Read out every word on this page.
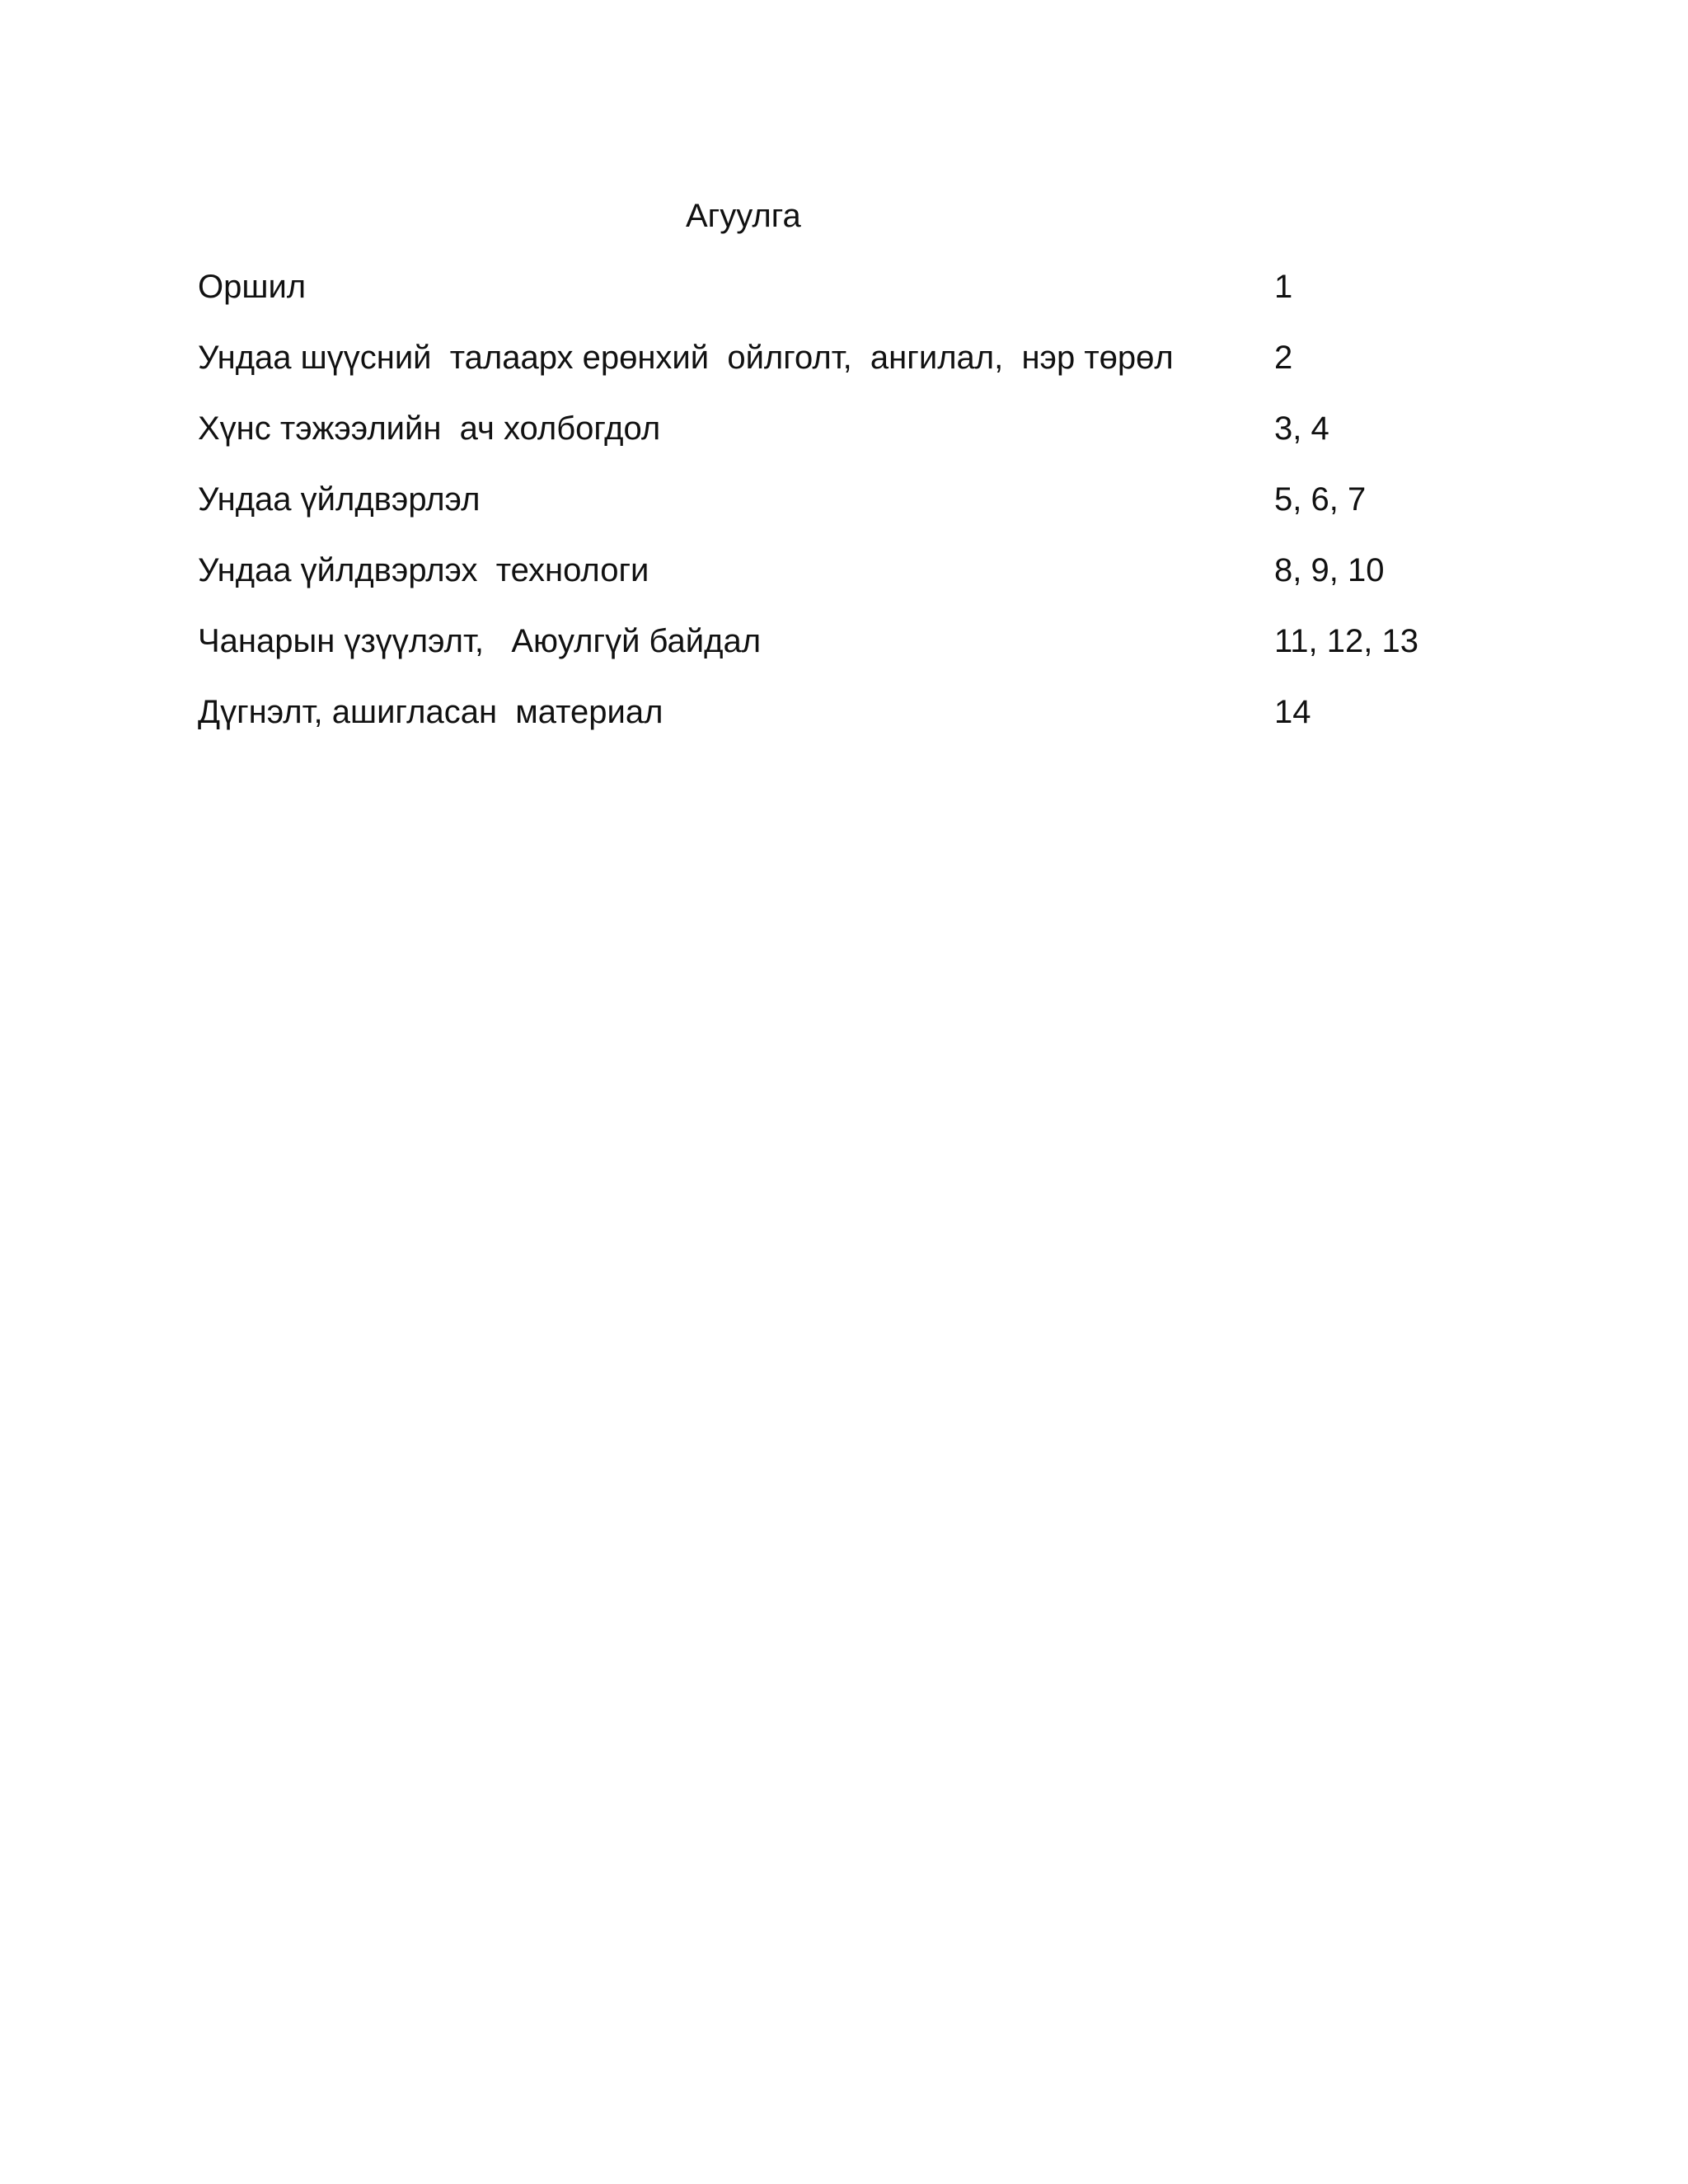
Агуулга
Оршил	1
Ундаа шүүсний  талаарх ерөнхий  ойлголт,  ангилал,  нэр төрөл	2
Хүнс тэжээлийн  ач холбогдол	3, 4
Ундаа үйлдвэрлэл	5, 6, 7
Ундаа үйлдвэрлэх  технологи	8, 9, 10
Чанарын үзүүлэлт,   Аюулгүй байдал	11, 12, 13
Дүгнэлт, ашигласан  материал	14
